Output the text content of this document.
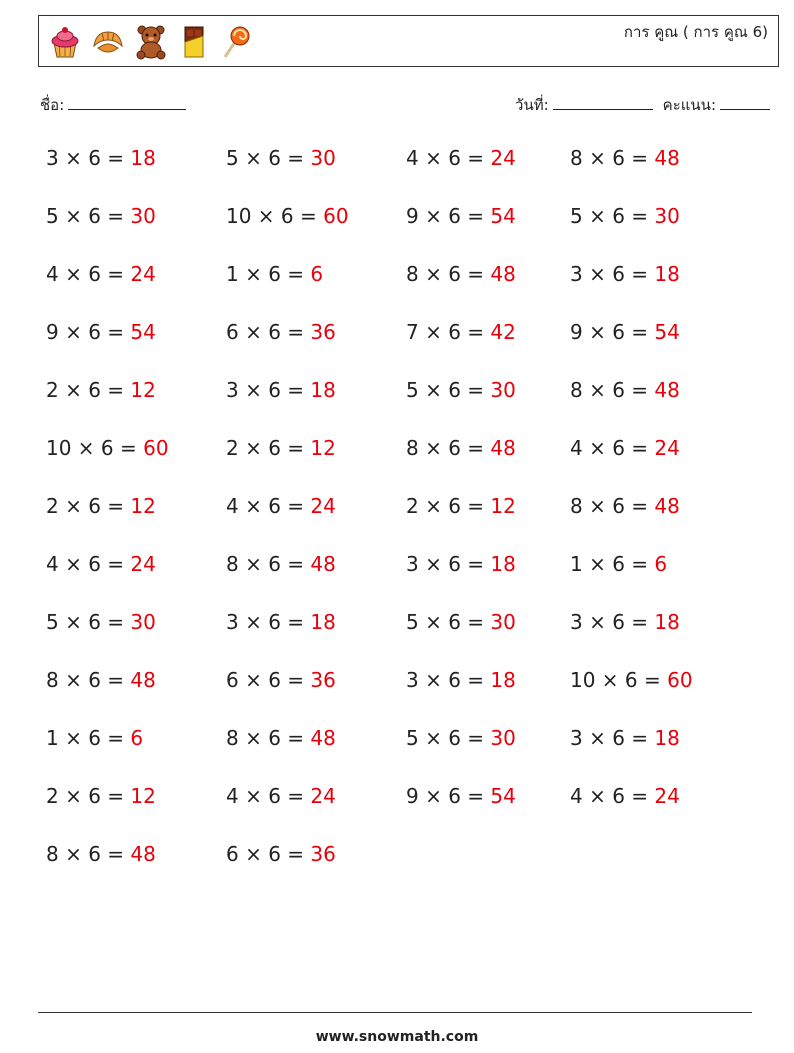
การ คูณ ( การ คูณ 6)
ชื่อ:	วันที่:	คะแนน:
3 × 6 = 18	5 × 6 = 30	4 × 6 = 24	8 × 6 = 48
5 × 6 = 30	10 × 6 = 60	9 × 6 = 54	5 × 6 = 30
4 × 6 = 24	1 × 6 = 6	8 × 6 = 48	3 × 6 = 18
9 × 6 = 54	6 × 6 = 36	7 × 6 = 42	9 × 6 = 54
2 × 6 = 12	3 × 6 = 18	5 × 6 = 30	8 × 6 = 48
10 × 6 = 60	2 × 6 = 12	8 × 6 = 48	4 × 6 = 24
2 × 6 = 12	4 × 6 = 24	2 × 6 = 12	8 × 6 = 48
4 × 6 = 24	8 × 6 = 48	3 × 6 = 18	1 × 6 = 6
5 × 6 = 30	3 × 6 = 18	5 × 6 = 30	3 × 6 = 18
8 × 6 = 48	6 × 6 = 36	3 × 6 = 18	10 × 6 = 60
1 × 6 = 6	8 × 6 = 48	5 × 6 = 30	3 × 6 = 18
2 × 6 = 12	4 × 6 = 24	9 × 6 = 54	4 × 6 = 24
8 × 6 = 48	6 × 6 = 36
www.snowmath.com
